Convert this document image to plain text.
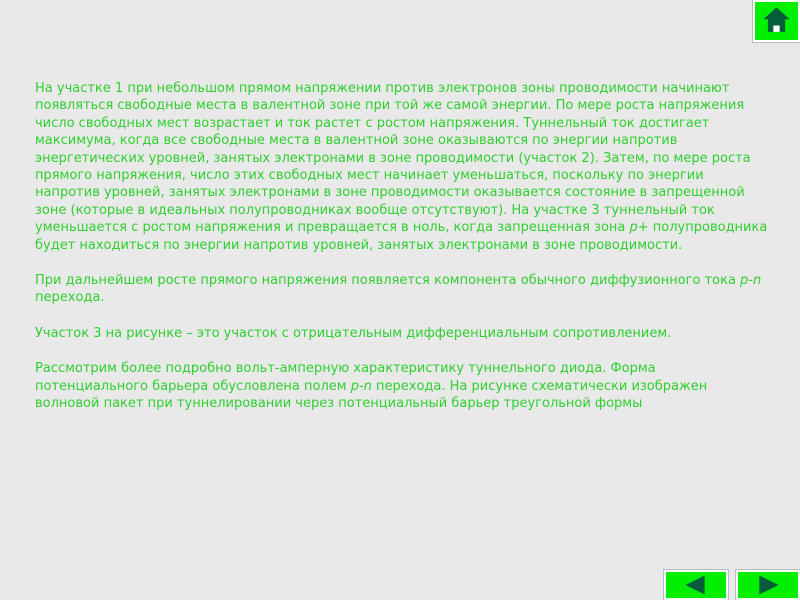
На участке 1 при небольшом прямом напряжении против электронов зоны проводимости начинают появляться свободные места в валентной зоне при той же самой энергии. По мере роста напряжения число свободных мест возрастает и ток растет с ростом напряжения. Туннельный ток достигает максимума, когда все свободные места в валентной зоне оказываются по энергии напротив энергетических уровней, занятых электронами в зоне проводимости (участок 2). Затем, по мере роста прямого напряжения, число этих свободных мест начинает уменьшаться, поскольку по энергии напротив уровней, занятых электронами в зоне проводимости оказывается состояние в запрещенной зоне (которые в идеальных полупроводниках вообще отсутствуют). На участке 3 туннельный ток уменьшается с ростом напряжения и превращается в ноль, когда запрещенная зона p+ полупроводника будет находиться по энергии напротив уровней, занятых электронами в зоне проводимости.

При дальнейшем росте прямого напряжения появляется компонента обычного диффузионного тока p-n перехода.

Участок 3 на рисунке – это участок с отрицательным дифференциальным сопротивлением.

Рассмотрим более подробно вольт-амперную характеристику туннельного диода. Форма потенциального барьера обусловлена полем p-n перехода. На рисунке схематически изображен волновой пакет при туннелировании через потенциальный барьер треугольной формы
